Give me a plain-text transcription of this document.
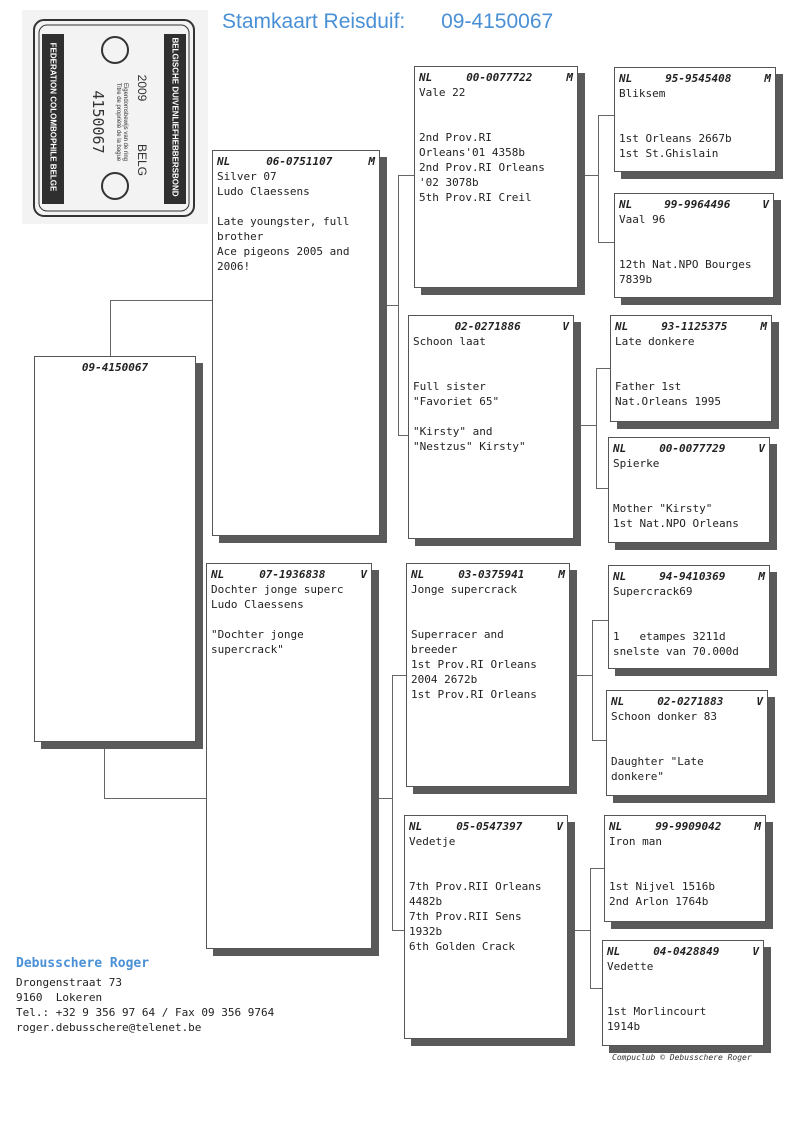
Stamkaart Reisduif: 09-4150067
BELGISCHE DUIVENLIEFHEBBERSBOND
FEDERATION COLOMBOPHILE BELGE	2009
BELG
Eigendomsbewijs van de ring
Titre de propriété de la bague
4150067
09-4150067
NL	06-0751107	M
Silver 07
Ludo Claessens
Late youngster, full
brother
Ace pigeons 2005 and
2006!
NL	07-1936838	V
Dochter jonge superc
Ludo Claessens
"Dochter jonge
supercrack"
NL	00-0077722	M
Vale 22
2nd Prov.RI
Orleans'01 4358b
2nd Prov.RI Orleans
'02 3078b
5th Prov.RI Creil
02-0271886	V
Schoon laat
Full sister
"Favoriet 65"
"Kirsty" and
"Nestzus" Kirsty"
NL	03-0375941	M
Jonge supercrack
Superracer and
breeder
1st Prov.RI Orleans
2004 2672b
1st Prov.RI Orleans
NL	05-0547397	V
Vedetje
7th Prov.RII Orleans
4482b
7th Prov.RII Sens
1932b
6th Golden Crack
NL	95-9545408	M
Bliksem
1st Orleans 2667b
1st St.Ghislain
NL	99-9964496	V
Vaal 96
12th Nat.NPO Bourges
7839b
NL	93-1125375	M
Late donkere
Father 1st
Nat.Orleans 1995
NL	00-0077729	V
Spierke
Mother "Kirsty"
1st Nat.NPO Orleans
NL	94-9410369	M
Supercrack69
1   etampes 3211d
snelste van 70.000d
NL	02-0271883	V
Schoon donker 83
Daughter "Late
donkere"
NL	99-9909042	M
Iron man
1st Nijvel 1516b
2nd Arlon 1764b
NL	04-0428849	V
Vedette
1st Morlincourt
1914b
Debusschere Roger
Drongenstraat 73
9160  Lokeren
Tel.: +32 9 356 97 64 / Fax 09 356 9764
roger.debusschere@telenet.be
Compuclub © Debusschere Roger
